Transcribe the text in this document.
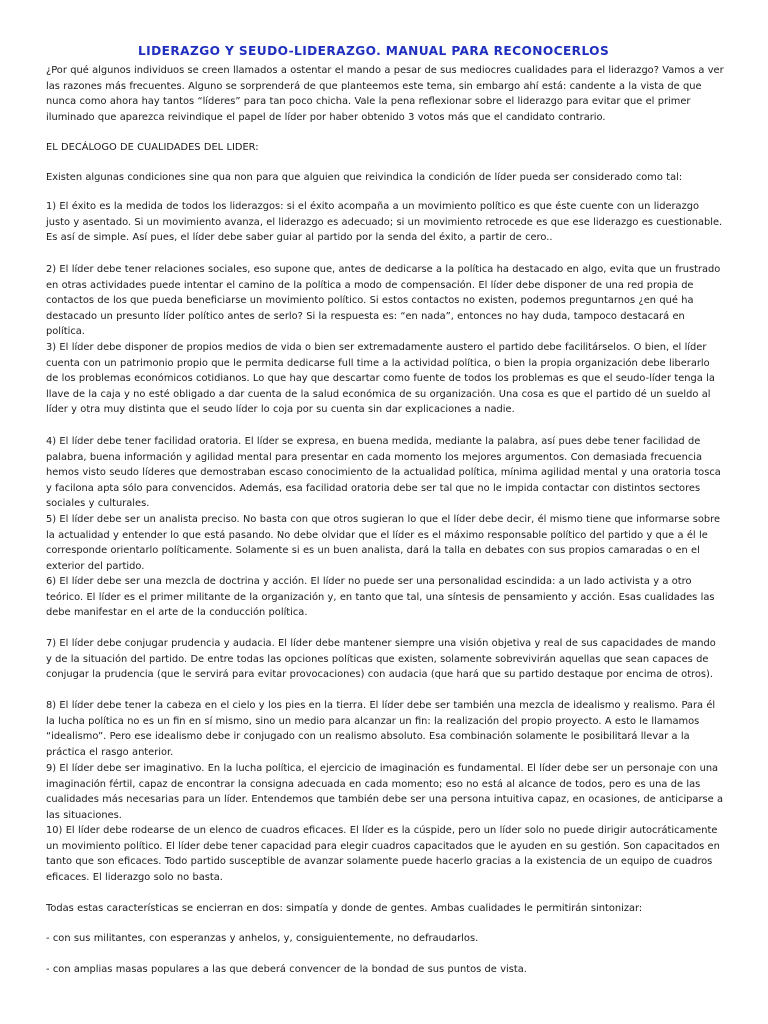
LIDERAZGO Y SEUDO-LIDERAZGO. MANUAL PARA RECONOCERLOS

¿Por qué algunos individuos se creen llamados a ostentar el mando a pesar de sus mediocres cualidades para el liderazgo? Vamos a ver las razones más frecuentes. Alguno se sorprenderá de que planteemos este tema, sin embargo ahí está: candente a la vista de que nunca como ahora hay tantos “líderes” para tan poco chicha. Vale la pena reflexionar sobre el liderazgo para evitar que el primer iluminado que aparezca reivindique el papel de líder por haber obtenido 3 votos más que el candidato contrario.

EL DECÁLOGO DE CUALIDADES DEL LIDER:

Existen algunas condiciones sine qua non para que alguien que reivindica la condición de líder pueda ser considerado como tal:

1) El éxito es la medida de todos los liderazgos: si el éxito acompaña a un movimiento político es que éste cuente con un liderazgo justo y asentado. Si un movimiento avanza, el liderazgo es adecuado; si un movimiento retrocede es que ese liderazgo es cuestionable. Es así de simple. Así pues, el líder debe saber guiar al partido por la senda del éxito, a partir de cero..

2) El líder debe tener relaciones sociales, eso supone que, antes de dedicarse a la política ha destacado en algo, evita que un frustrado en otras actividades puede intentar el camino de la política a modo de compensación. El líder debe disponer de una red propia de contactos de los que pueda beneficiarse un movimiento político. Si estos contactos no existen, podemos preguntarnos ¿en qué ha destacado un presunto líder político antes de serlo? Si la respuesta es: “en nada”, entonces no hay duda, tampoco destacará en política.

3) El líder debe disponer de propios medios de vida o bien ser extremadamente austero el partido debe facilitárselos. O bien, el líder cuenta con un patrimonio propio que le permita dedicarse full time a la actividad política, o bien la propia organización debe liberarlo de los problemas económicos cotidianos. Lo que hay que descartar como fuente de todos los problemas es que el seudo-líder tenga la llave de la caja y no esté obligado a dar cuenta de la salud económica de su organización. Una cosa es que el partido dé un sueldo al líder y otra muy distinta que el seudo líder lo coja por su cuenta sin dar explicaciones a nadie.

4) El líder debe tener facilidad oratoria. El líder se expresa, en buena medida, mediante la palabra, así pues debe tener facilidad de palabra, buena información y agilidad mental para presentar en cada momento los mejores argumentos. Con demasiada frecuencia hemos visto seudo líderes que demostraban escaso conocimiento de la actualidad política, mínima agilidad mental y una oratoria tosca y facilona apta sólo para convencidos. Además, esa facilidad oratoria debe ser tal que no le impida contactar con distintos sectores sociales y culturales.

5) El líder debe ser un analista preciso. No basta con que otros sugieran lo que el líder debe decir, él mismo tiene que informarse sobre la actualidad y entender lo que está pasando. No debe olvidar que el líder es el máximo responsable político del partido y que a él le corresponde orientarlo políticamente. Solamente si es un buen analista, dará la talla en debates con sus propios camaradas o en el exterior del partido.

6) El líder debe ser una mezcla de doctrina y acción. El líder no puede ser una personalidad escindida: a un lado activista y a otro teórico. El líder es el primer militante de la organización y, en tanto que tal, una síntesis de pensamiento y acción. Esas cualidades las debe manifestar en el arte de la conducción política.

7) El líder debe conjugar prudencia y audacia. El líder debe mantener siempre una visión objetiva y real de sus capacidades de mando y de la situación del partido. De entre todas las opciones políticas que existen, solamente sobrevivirán aquellas que sean capaces de conjugar la prudencia (que le servirá para evitar provocaciones) con audacia (que hará que su partido destaque por encima de otros).

8) El líder debe tener la cabeza en el cielo y los pies en la tierra. El líder debe ser también una mezcla de idealismo y realismo. Para él la lucha política no es un fin en sí mismo, sino un medio para alcanzar un fin: la realización del propio proyecto. A esto le llamamos “idealismo”. Pero ese idealismo debe ir conjugado con un realismo absoluto. Esa combinación solamente le posibilitará llevar a la práctica el rasgo anterior.

9) El líder debe ser imaginativo. En la lucha política, el ejercicio de imaginación es fundamental. El líder debe ser un personaje con una imaginación fértil, capaz de encontrar la consigna adecuada en cada momento; eso no está al alcance de todos, pero es una de las cualidades más necesarias para un líder. Entendemos que también debe ser una persona intuitiva capaz, en ocasiones, de anticiparse a las situaciones.

10) El líder debe rodearse de un elenco de cuadros eficaces. El líder es la cúspide, pero un líder solo no puede dirigir autocráticamente un movimiento político. El líder debe tener capacidad para elegir cuadros capacitados que le ayuden en su gestión. Son capacitados en tanto que son eficaces. Todo partido susceptible de avanzar solamente puede hacerlo gracias a la existencia de un equipo de cuadros eficaces. El liderazgo solo no basta.

Todas estas características se encierran en dos: simpatía y donde de gentes. Ambas cualidades le permitirán sintonizar:

- con sus militantes, con esperanzas y anhelos, y, consiguientemente, no defraudarlos.

- con amplias masas populares a las que deberá convencer de la bondad de sus puntos de vista.
